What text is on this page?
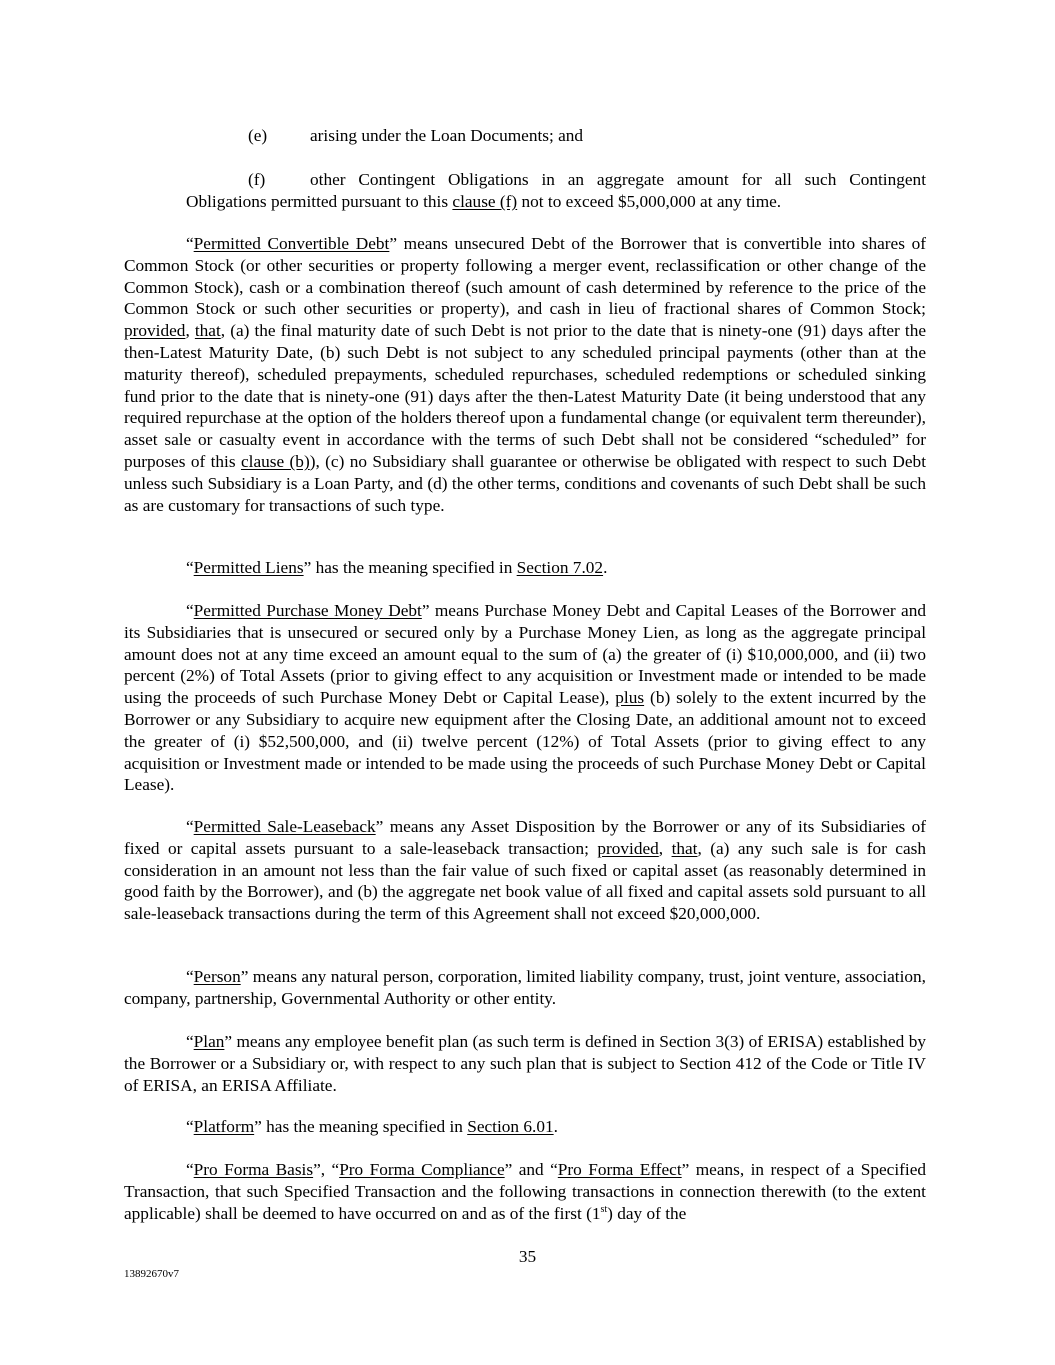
(e) arising under the Loan Documents; and
(f)	other Contingent Obligations in an aggregate amount for all such Contingent
Obligations permitted pursuant to this clause (f) not to exceed $5,000,000 at any time.

“Permitted Convertible Debt” means unsecured Debt of the Borrower that is convertible into shares of Common Stock (or other securities or property following a merger event, reclassification or other change of the Common Stock), cash or a combination thereof (such amount of cash determined by reference to the price of the Common Stock or such other securities or property), and cash in lieu of fractional shares of Common Stock; provided, that, (a) the final maturity date of such Debt is not prior to the date that is ninety-one (91) days after the then-Latest Maturity Date, (b) such Debt is not subject to any scheduled principal payments (other than at the maturity thereof), scheduled prepayments, scheduled repurchases, scheduled redemptions or scheduled sinking fund prior to the date that is ninety-one (91) days after the then-Latest Maturity Date (it being understood that any required repurchase at the option of the holders thereof upon a fundamental change (or equivalent term thereunder), asset sale or casualty event in accordance with the terms of such Debt shall not be considered “scheduled” for purposes of this clause (b)), (c) no Subsidiary shall guarantee or otherwise be obligated with respect to such Debt unless such Subsidiary is a Loan Party, and (d) the other terms, conditions and covenants of such Debt shall be such as are customary for transactions of such type.

“Permitted Liens” has the meaning specified in Section 7.02.

“Permitted Purchase Money Debt” means Purchase Money Debt and Capital Leases of the Borrower and its Subsidiaries that is unsecured or secured only by a Purchase Money Lien, as long as the aggregate principal amount does not at any time exceed an amount equal to the sum of (a) the greater of (i) $10,000,000, and (ii) two percent (2%) of Total Assets (prior to giving effect to any acquisition or Investment made or intended to be made using the proceeds of such Purchase Money Debt or Capital Lease), plus (b) solely to the extent incurred by the Borrower or any Subsidiary to acquire new equipment after the Closing Date, an additional amount not to exceed the greater of (i) $52,500,000, and (ii) twelve percent (12%) of Total Assets (prior to giving effect to any acquisition or Investment made or intended to be made using the proceeds of such Purchase Money Debt or Capital Lease).

“Permitted Sale-Leaseback” means any Asset Disposition by the Borrower or any of its Subsidiaries of fixed or capital assets pursuant to a sale-leaseback transaction; provided, that, (a) any such sale is for cash consideration in an amount not less than the fair value of such fixed or capital asset (as reasonably determined in good faith by the Borrower), and (b) the aggregate net book value of all fixed and capital assets sold pursuant to all sale-leaseback transactions during the term of this Agreement shall not exceed $20,000,000.

“Person” means any natural person, corporation, limited liability company, trust, joint venture, association, company, partnership, Governmental Authority or other entity.

“Plan” means any employee benefit plan (as such term is defined in Section 3(3) of ERISA) established by the Borrower or a Subsidiary or, with respect to any such plan that is subject to Section 412 of the Code or Title IV of ERISA, an ERISA Affiliate.

“Platform” has the meaning specified in Section 6.01.

“Pro Forma Basis”, “Pro Forma Compliance” and “Pro Forma Effect” means, in respect of a Specified Transaction, that such Specified Transaction and the following transactions in connection therewith (to the extent applicable) shall be deemed to have occurred on and as of the first (1st) day of the

35
13892670v7
